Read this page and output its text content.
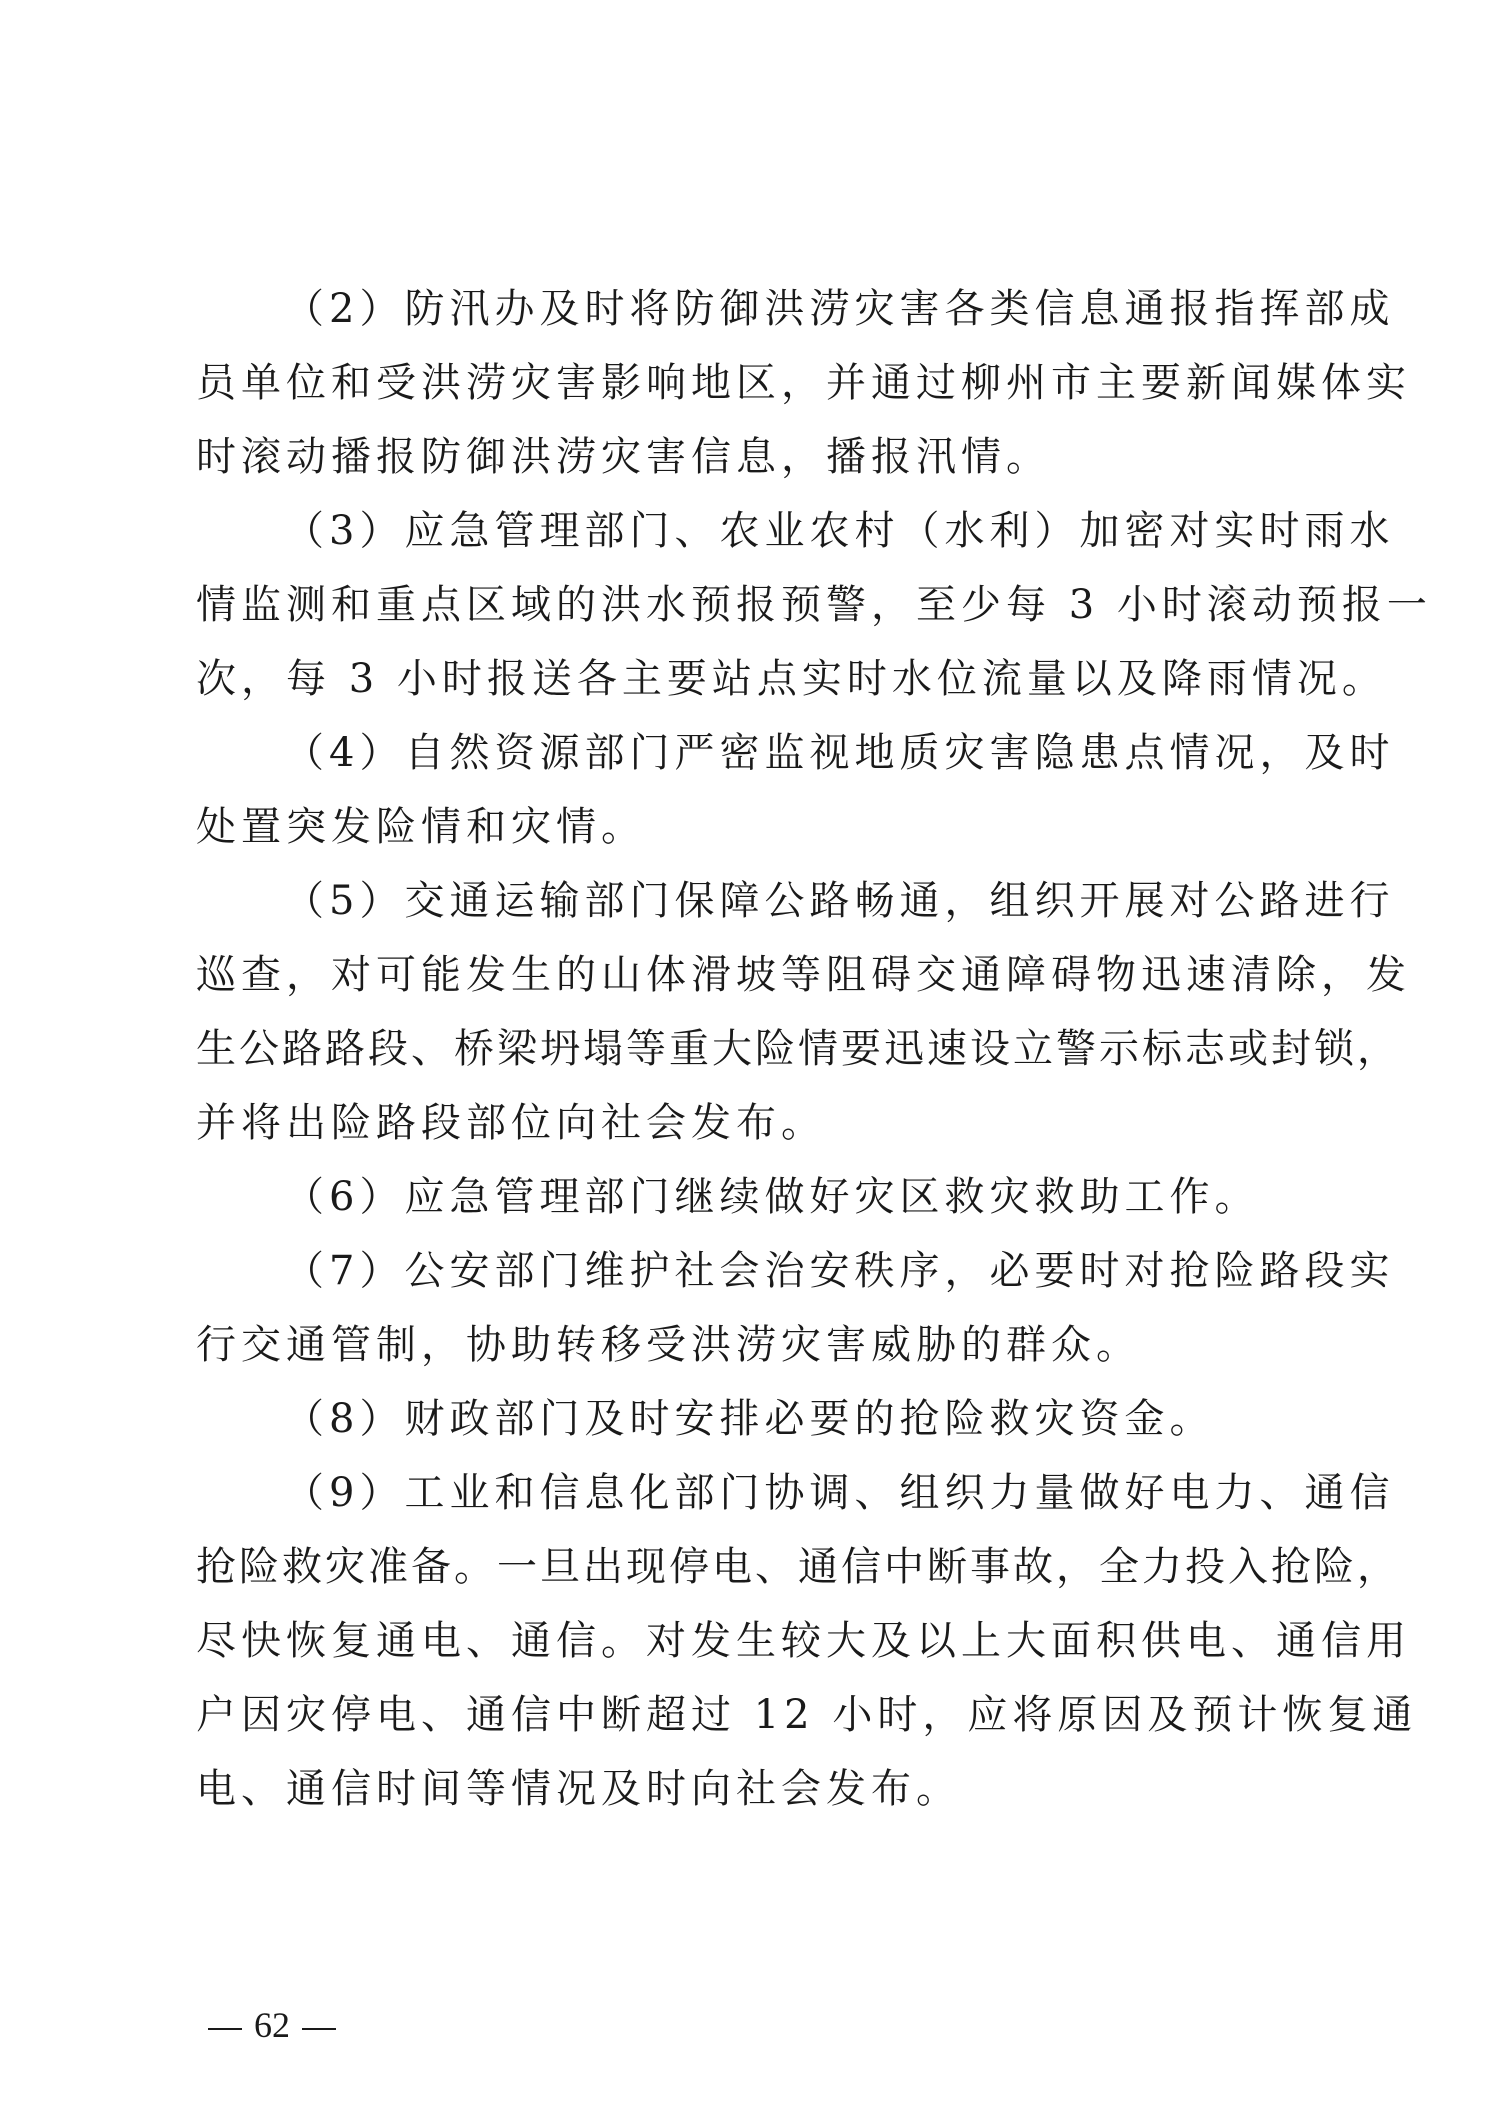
（2）防汛办及时将防御洪涝灾害各类信息通报指挥部成
员单位和受洪涝灾害影响地区，并通过柳州市主要新闻媒体实
时滚动播报防御洪涝灾害信息，播报汛情。
（3）应急管理部门、农业农村（水利）加密对实时雨水
情监测和重点区域的洪水预报预警，至少每 3 小时滚动预报一
次，每 3 小时报送各主要站点实时水位流量以及降雨情况。
（4）自然资源部门严密监视地质灾害隐患点情况，及时
处置突发险情和灾情。
（5）交通运输部门保障公路畅通，组织开展对公路进行
巡查，对可能发生的山体滑坡等阻碍交通障碍物迅速清除，发
生公路路段、桥梁坍塌等重大险情要迅速设立警示标志或封锁，
并将出险路段部位向社会发布。
（6）应急管理部门继续做好灾区救灾救助工作。
（7）公安部门维护社会治安秩序，必要时对抢险路段实
行交通管制，协助转移受洪涝灾害威胁的群众。
（8）财政部门及时安排必要的抢险救灾资金。
（9）工业和信息化部门协调、组织力量做好电力、通信
抢险救灾准备。一旦出现停电、通信中断事故，全力投入抢险，
尽快恢复通电、通信。对发生较大及以上大面积供电、通信用
户因灾停电、通信中断超过 12 小时，应将原因及预计恢复通
电、通信时间等情况及时向社会发布。
62
